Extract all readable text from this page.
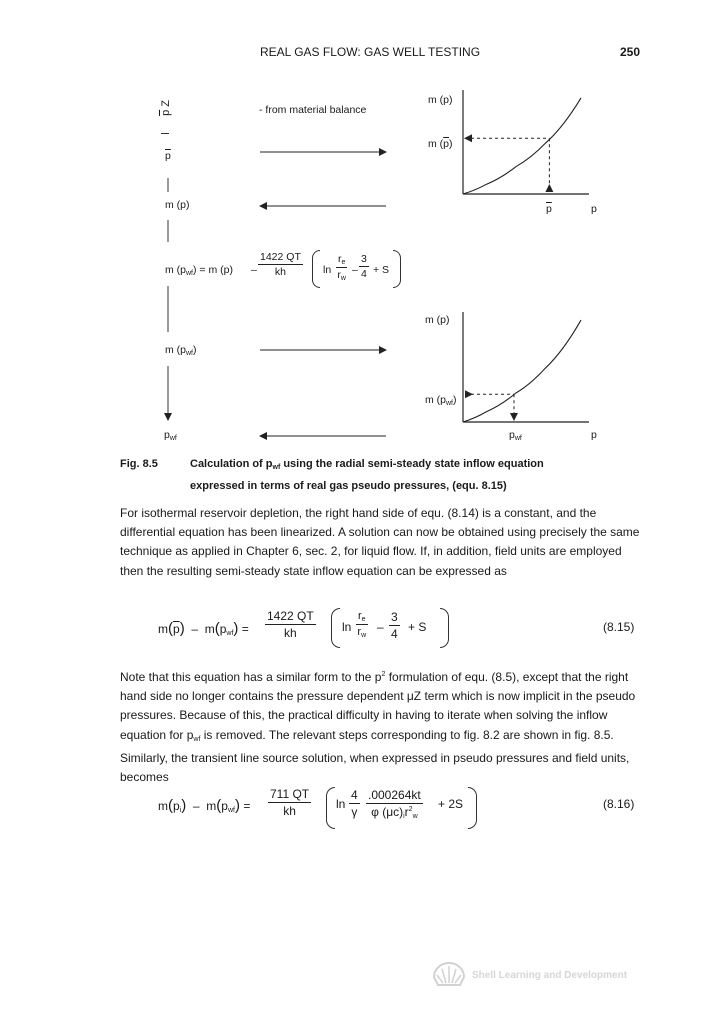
REAL GAS FLOW: GAS WELL TESTING	250
p Z
- from material balance
$\overline{p}$
m (p)
m $(p_{wf}) = m$ $(p) - \frac{1422 QT}{kh}$ $\ln \frac{r_e}{r_w} - \frac{3}{4} + S$
m $(p_{wf})$
$p_{wf}$
m (p)
m $(\overline{p})$
$\overline{p}$	p
m (p)
m $(p_{wf})$
$p_{wf}$	p
Fig. 8.5	Calculation of $p_{wf}$ using the radial semi-steady state inflow equation
expressed in terms of real gas pseudo pressures, (equ. 8.15)
For isothermal reservoir depletion, the right hand side of equ. (8.14) is a constant, and the differential equation has been linearized. A solution can now be obtained using precisely the same technique as applied in Chapter 6, sec. 2, for liquid flow. If, in addition, field units are employed then the resulting semi-steady state inflow equation can be expressed as
$m(\overline{p}) - m(p_{wf}) = \frac{1422 QT}{kh}$ $\ln \frac{r_e}{r_w} - \frac{3}{4} + S$	(8.15)
Note that this equation has a similar form to the $p^2$ formulation of equ. (8.5), except that the right hand side no longer contains the pressure dependent μZ term which is now implicit in the pseudo pressures. Because of this, the practical difficulty in having to iterate when solving the inflow equation for $p_{wf}$ is removed. The relevant steps corresponding to fig. 8.2 are shown in fig. 8.5. Similarly, the transient line source solution, when expressed in pseudo pressures and field units, becomes
$m(p_i) - m(p_{wf}) = \frac{711 QT}{kh}$ $\ln \frac{4}{\gamma} \frac{.000264kt}{\varphi (\mu c)_ir^2_w} + 2S$	(8.16)
Shell Learning and Development
